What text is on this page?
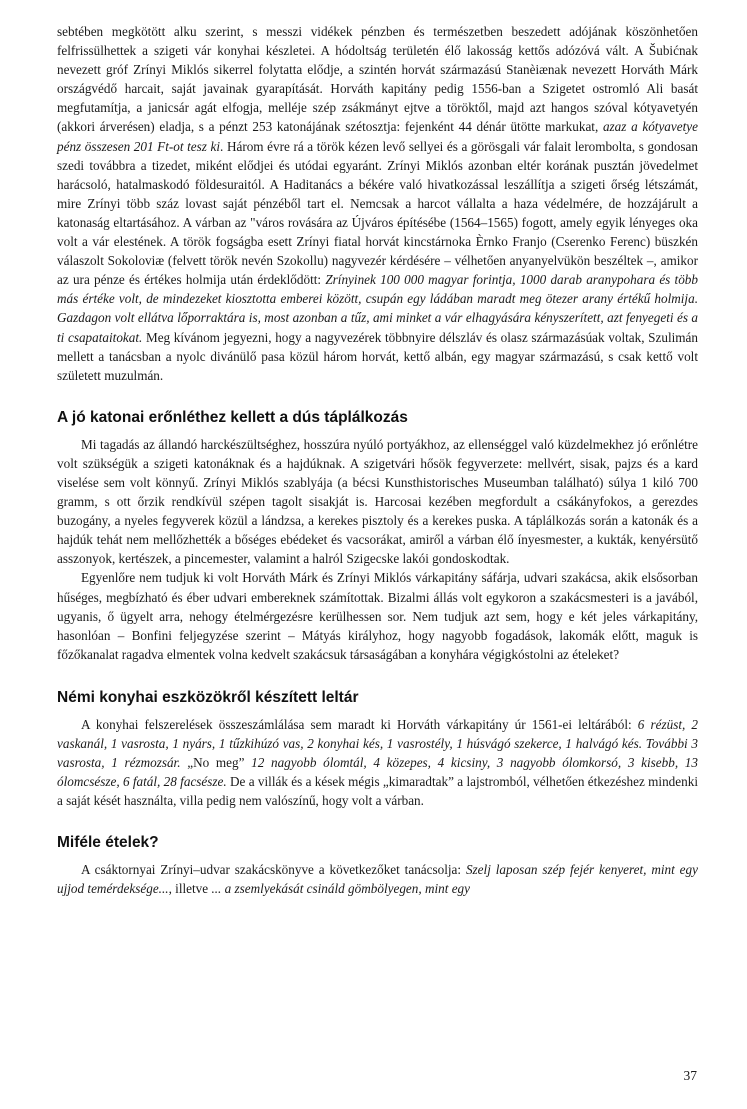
sebtében megkötött alku szerint, s messzi vidékek pénzben és természetben beszedett adójának köszönhetően felfrissülhettek a szigeti vár konyhai készletei. A hódoltság területén élő lakosság kettős adózóvá vált. A Šubićnak nevezett gróf Zrínyi Miklós sikerrel folytatta elődje, a szintén horvát származású Stanèiænak nevezett Horváth Márk országvédő harcait, saját javainak gyarapítását. Horváth kapitány pedig 1556-ban a Szigetet ostromló Ali basát megfutamítja, a janicsár agát elfogja, melléje szép zsákmányt ejtve a töröktől, majd azt hangos szóval kótyavetyén (akkori árverésen) eladja, s a pénzt 253 katonájának szétosztja: fejenként 44 dénár ütötte markukat, azaz a kótyavetye pénz összesen 201 Ft-ot tesz ki. Három évre rá a török kézen levő sellyei és a görösgali vár falait lerombolta, s gondosan szedi továbbra a tizedet, miként elődjei és utódai egyaránt. Zrínyi Miklós azonban eltér korának pusztán jövedelmet harácsoló, hatalmaskodó földesuraitól. A Haditanács a békére való hivatkozással leszállítja a szigeti őrség létszámát, mire Zrínyi több száz lovast saját pénzéből tart el. Nemcsak a harcot vállalta a haza védelmére, de hozzájárult a katonaság eltartásához. A várban az "város rovására az Újváros építésébe (1564–1565) fogott, amely egyik lényeges oka volt a vár elestének. A török fogságba esett Zrínyi fiatal horvát kincstárnoka Èrnko Franjo (Cserenko Ferenc) büszkén válaszolt Sokoloviæ (felvett török nevén Szokollu) nagyvezér kérdésére – vélhetően anyanyelvükön beszéltek –, amikor az ura pénze és értékes holmija után érdeklődött: Zrínyinek 100 000 magyar forintja, 1000 darab aranypohara és több más értéke volt, de mindezeket kiosztotta emberei között, csupán egy ládában maradt meg ötezer arany értékű holmija. Gazdagon volt ellátva lőporraktára is, most azonban a tűz, ami minket a vár elhagyására kényszerített, azt fenyegeti és a ti csapataitokat. Meg kívánom jegyezni, hogy a nagyvezérek többnyire délszláv és olasz származásúak voltak, Szulimán mellett a tanácsban a nyolc divánülő pasa közül három horvát, kettő albán, egy magyar származású, s csak kettő volt született muzulmán.

A jó katonai erőnléthez kellett a dús táplálkozás

Mi tagadás az állandó harckészültséghez, hosszúra nyúló portyákhoz, az ellenséggel való küzdelmekhez jó erőnlétre volt szükségük a szigeti katonáknak és a hajdúknak. A szigetvári hősök fegyverzete: mellvért, sisak, pajzs és a kard viselése sem volt könnyű. Zrínyi Miklós szablyája (a bécsi Kunsthistorisches Museumban található) súlya 1 kiló 700 gramm, s ott őrzik rendkívül szépen tagolt sisakját is. Harcosai kezében megfordult a csákányfokos, a gerezdes buzogány, a nyeles fegyverek közül a lándzsa, a kerekes pisztoly és a kerekes puska. A táplálkozás során a katonák és a hajdúk tehát nem mellőzhették a bőséges ebédeket és vacsorákat, amiről a várban élő ínyesmester, a kukták, kenyérsütő asszonyok, kertészek, a pincemester, valamint a halról Szigecske lakói gondoskodtak.

Egyenlőre nem tudjuk ki volt Horváth Márk és Zrínyi Miklós várkapitány sáfárja, udvari szakácsa, akik elsősorban hűséges, megbízható és éber udvari embereknek számítottak. Bizalmi állás volt egykoron a szakácsmesteri is a javából, ugyanis, ő ügyelt arra, nehogy ételmérgezésre kerülhessen sor. Nem tudjuk azt sem, hogy e két jeles várkapitány, hasonlóan – Bonfini feljegyzése szerint – Mátyás királyhoz, hogy nagyobb fogadások, lakomák előtt, maguk is főzőkanalat ragadva elmentek volna kedvelt szakácsuk társaságában a konyhára végigkóstolni az ételeket?

Némi konyhai eszközökről készített leltár

A konyhai felszerelések összeszámlálása sem maradt ki Horváth várkapitány úr 1561-ei leltárából: 6 rézüst, 2 vaskanál, 1 vasrosta, 1 nyárs, 1 tűzkihúzó vas, 2 konyhai kés, 1 vasrostély, 1 húsvágó szekerce, 1 halvágó kés. További 3 vasrosta, 1 rézmozsár. „No meg” 12 nagyobb ólomtál, 4 közepes, 4 kicsiny, 3 nagyobb ólomkorsó, 3 kisebb, 13 ólomcsésze, 6 fatál, 28 facsésze. De a villák és a kések mégis „kimaradtak” a lajstromból, vélhetően étkezéshez mindenki a saját kését használta, villa pedig nem valószínű, hogy volt a várban.

Miféle ételek?

A csáktornyai Zrínyi–udvar szakácskönyve a következőket tanácsolja: Szelj laposan szép fejér kenyeret, mint egy ujjod temérdeksége..., illetve ... a zsemlyekását csináld gömbölyegen, mint egy

37
